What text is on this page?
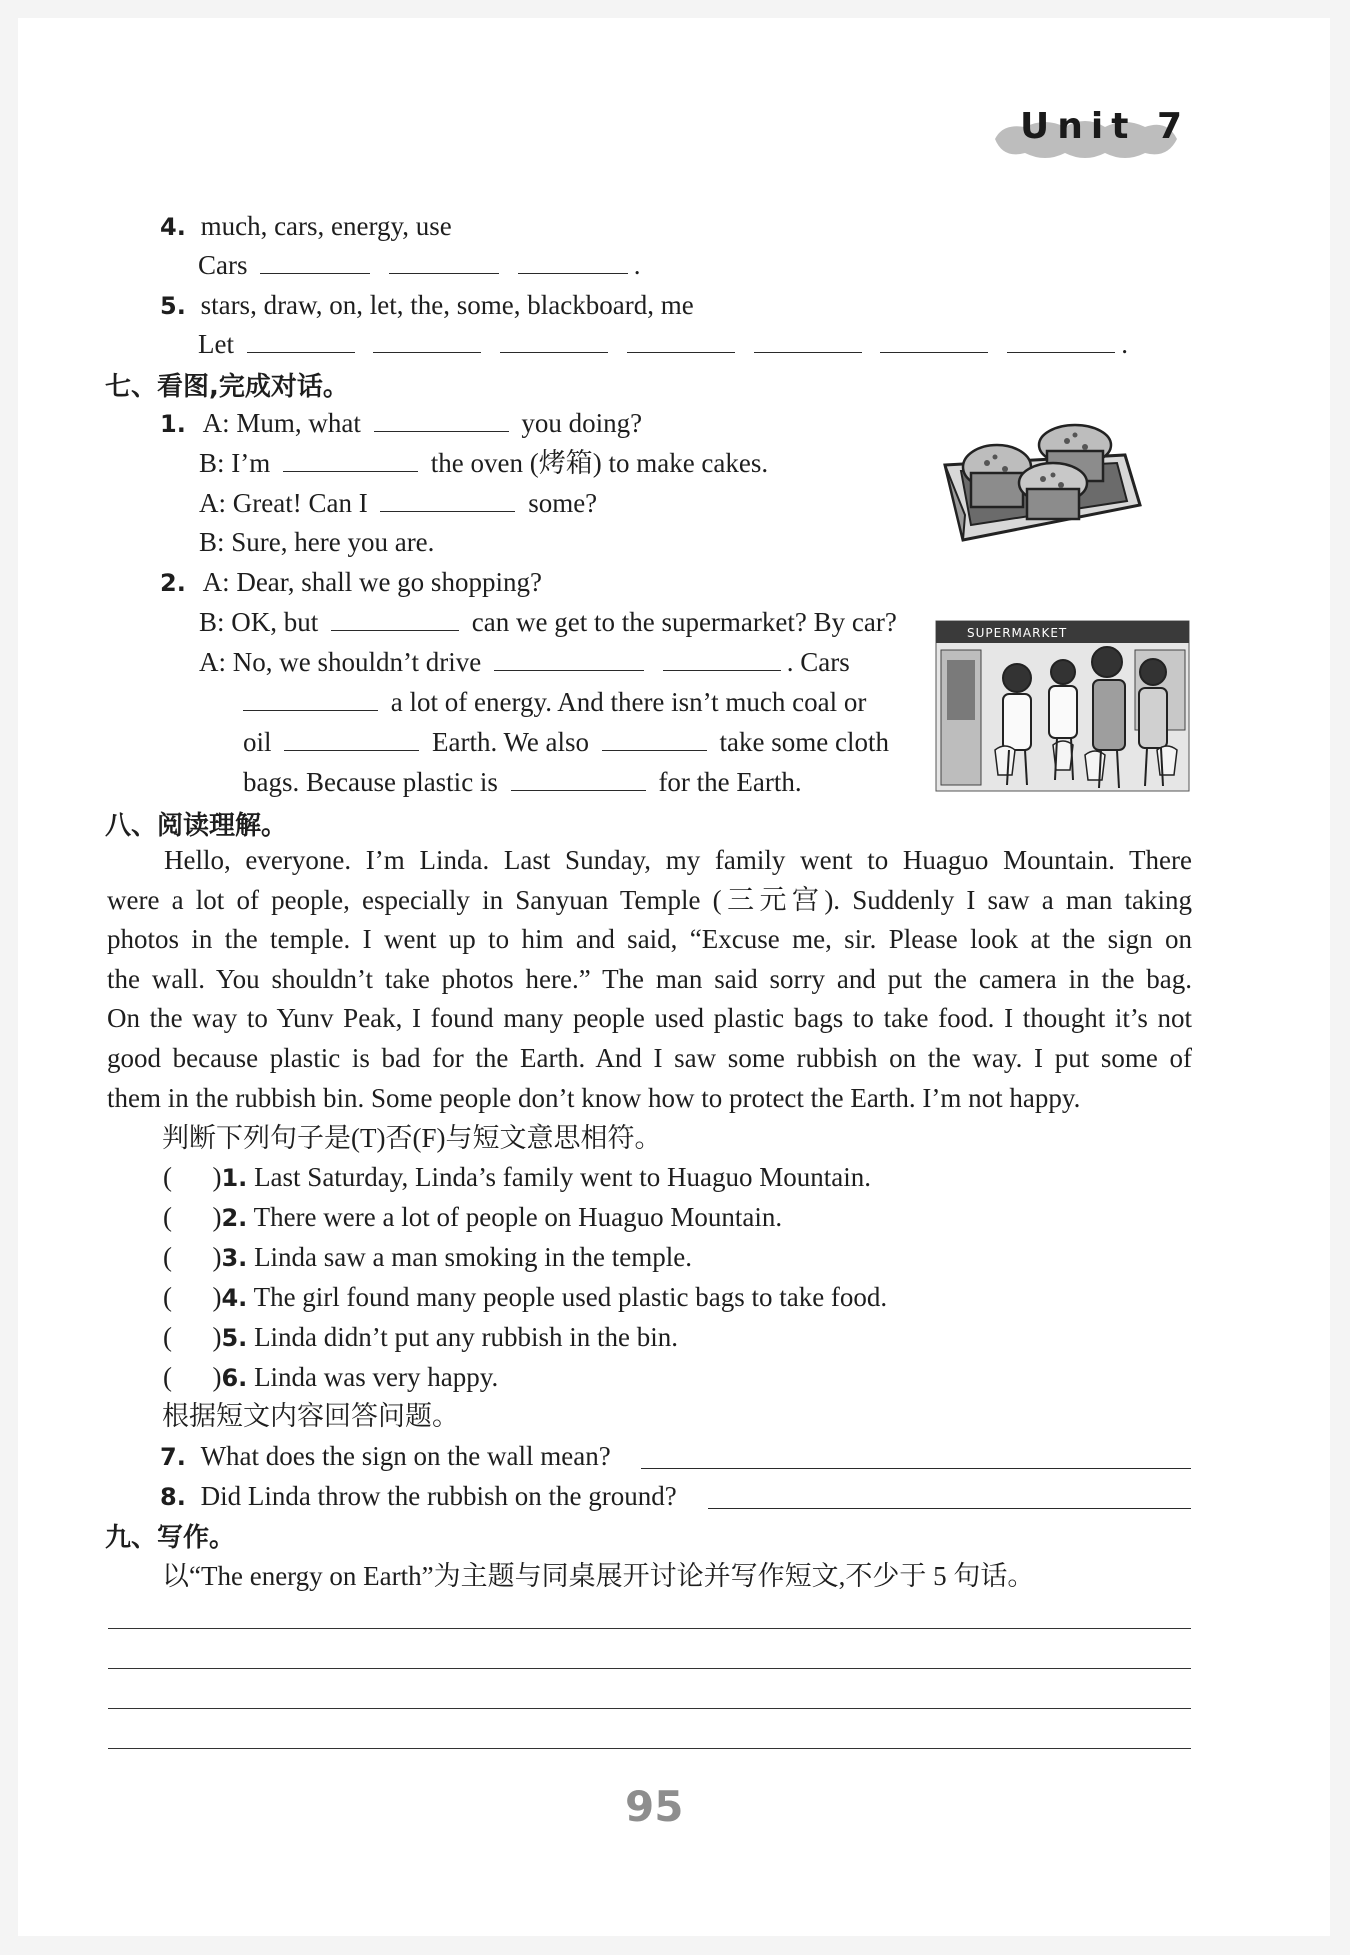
Unit 7
4. much, cars, energy, use
Cars	.
5. stars, draw, on, let, the, some, blackboard, me
Let	.
七、看图,完成对话。
1. A: Mum, what	you doing?
B: I’m	the oven (烤箱) to make cakes.
A: Great! Can I	some?
B: Sure, here you are.
2. A: Dear, shall we go shopping?
B: OK, but	can we get to the supermarket? By car?
A: No, we shouldn’t drive	. Cars
a lot of energy. And there isn’t much coal or
oil	Earth. We also	take some cloth
bags. Because plastic is	for the Earth.
SUPERMARKET
八、阅读理解。

Hello, everyone. I’m Linda. Last Sunday, my family went to Huaguo Mountain. There

were a lot of people, especially in Sanyuan Temple (三元宫). Suddenly I saw a man taking

photos in the temple. I went up to him and said, “Excuse me, sir. Please look at the sign on

the wall. You shouldn’t take photos here.” The man said sorry and put the camera in the bag.

On the way to Yunv Peak, I found many people used plastic bags to take food. I thought it’s not

good because plastic is bad for the Earth. And I saw some rubbish on the way. I put some of

them in the rubbish bin. Some people don’t know how to protect the Earth. I’m not happy.

判断下列句子是(T)否(F)与短文意思相符。
(      )1. Last Saturday, Linda’s family went to Huaguo Mountain.
(      )2. There were a lot of people on Huaguo Mountain.
(      )3. Linda saw a man smoking in the temple.
(      )4. The girl found many people used plastic bags to take food.
(      )5. Linda didn’t put any rubbish in the bin.
(      )6. Linda was very happy.
根据短文内容回答问题。
7. What does the sign on the wall mean?
8. Did Linda throw the rubbish on the ground?
九、写作。
以“The energy on Earth”为主题与同桌展开讨论并写作短文,不少于 5 句话。
95
